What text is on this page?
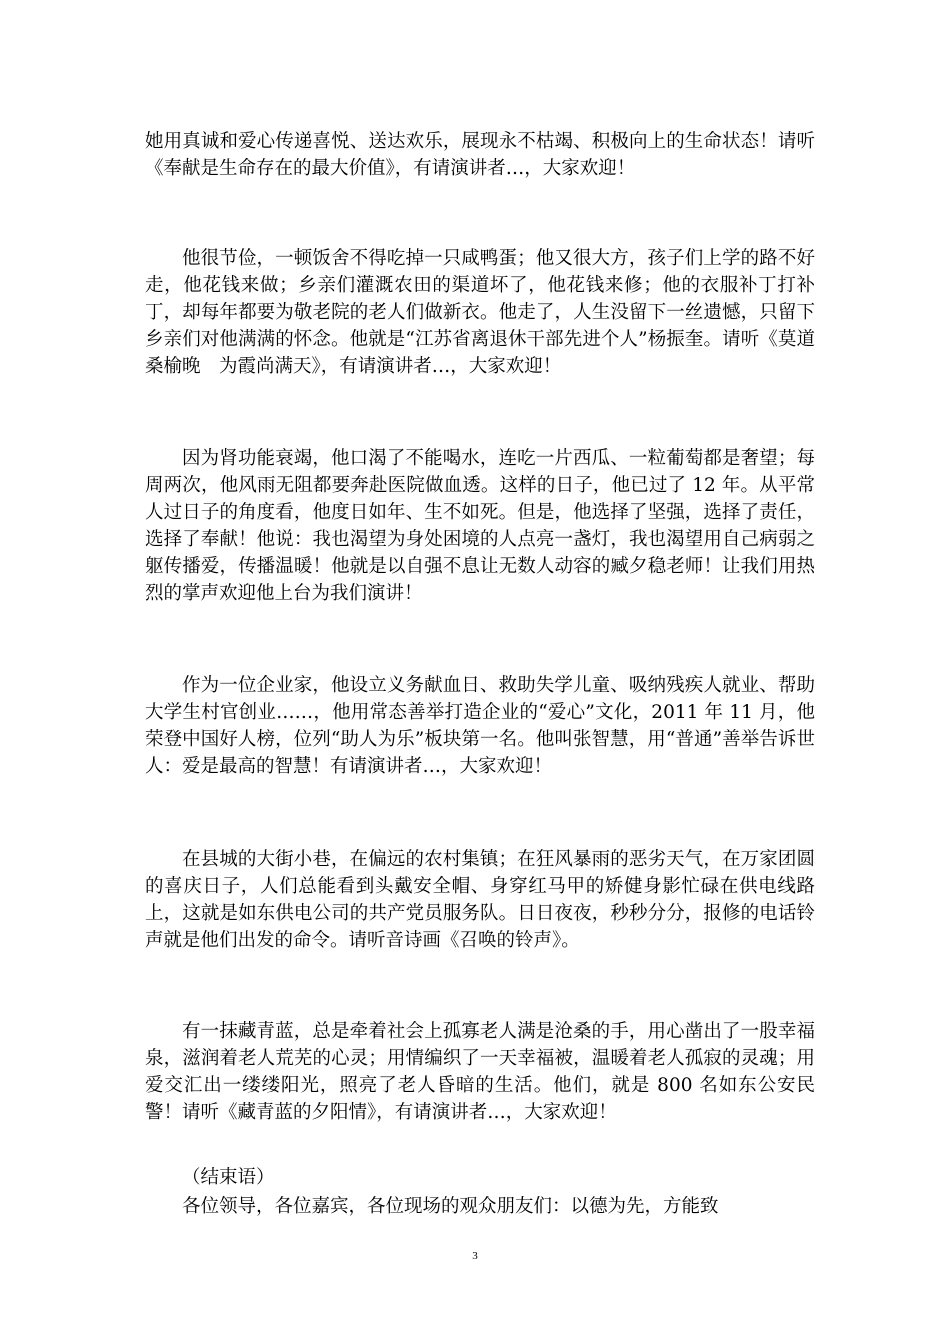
她用真诚和爱心传递喜悦、送达欢乐，展现永不枯竭、积极向上的生命状态！请听《奉献是生命存在的最大价值》，有请演讲者…，大家欢迎！

他很节俭，一顿饭舍不得吃掉一只咸鸭蛋；他又很大方，孩子们上学的路不好走，他花钱来做；乡亲们灌溉农田的渠道坏了，他花钱来修；他的衣服补丁打补丁，却每年都要为敬老院的老人们做新衣。他走了，人生没留下一丝遗憾，只留下乡亲们对他满满的怀念。他就是“江苏省离退休干部先进个人”杨振奎。请听《莫道桑榆晚　为霞尚满天》，有请演讲者…，大家欢迎！

因为肾功能衰竭，他口渴了不能喝水，连吃一片西瓜、一粒葡萄都是奢望；每周两次，他风雨无阻都要奔赴医院做血透。这样的日子，他已过了 12 年。从平常人过日子的角度看，他度日如年、生不如死。但是，他选择了坚强，选择了责任，选择了奉献！他说：我也渴望为身处困境的人点亮一盏灯，我也渴望用自己病弱之躯传播爱，传播温暖！他就是以自强不息让无数人动容的臧夕稳老师！让我们用热烈的掌声欢迎他上台为我们演讲！

作为一位企业家，他设立义务献血日、救助失学儿童、吸纳残疾人就业、帮助大学生村官创业……，他用常态善举打造企业的“爱心”文化，2011 年 11 月，他荣登中国好人榜，位列“助人为乐”板块第一名。他叫张智慧，用“普通”善举告诉世人：爱是最高的智慧！有请演讲者…，大家欢迎！

在县城的大街小巷，在偏远的农村集镇；在狂风暴雨的恶劣天气，在万家团圆的喜庆日子，人们总能看到头戴安全帽、身穿红马甲的矫健身影忙碌在供电线路上，这就是如东供电公司的共产党员服务队。日日夜夜，秒秒分分，报修的电话铃声就是他们出发的命令。请听音诗画《召唤的铃声》。

有一抹藏青蓝，总是牵着社会上孤寡老人满是沧桑的手，用心凿出了一股幸福泉，滋润着老人荒芜的心灵；用情编织了一天幸福被，温暖着老人孤寂的灵魂；用爱交汇出一缕缕阳光，照亮了老人昏暗的生活。他们，就是 800 名如东公安民警！请听《藏青蓝的夕阳情》，有请演讲者…，大家欢迎！

（结束语）

各位领导，各位嘉宾，各位现场的观众朋友们：以德为先，方能致

3
